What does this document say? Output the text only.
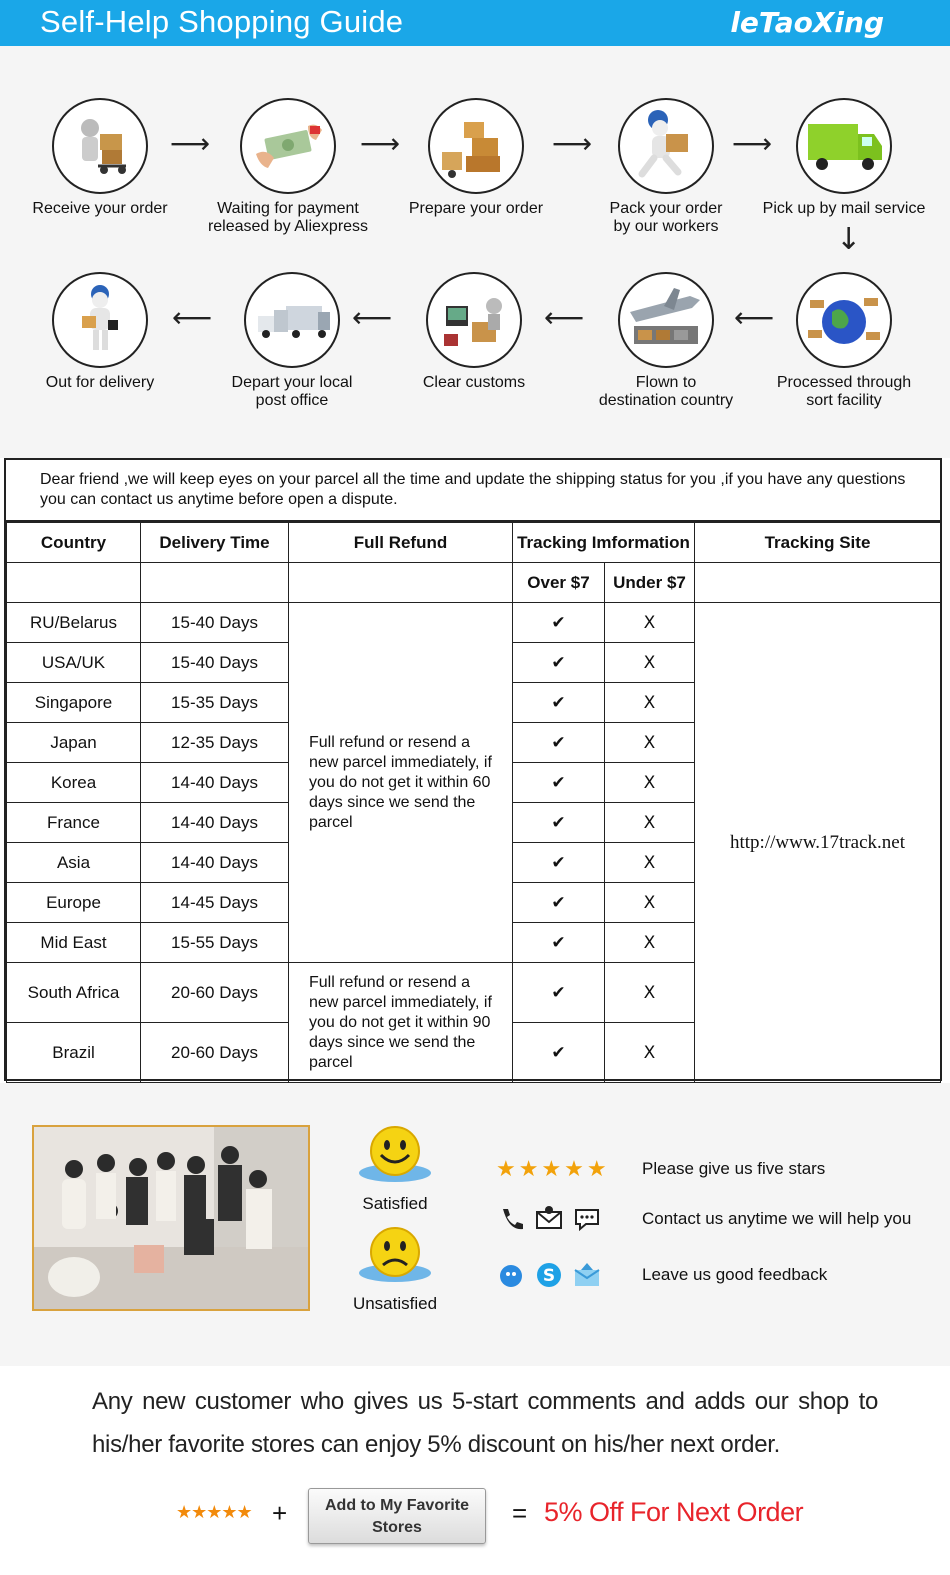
Self-Help Shopping Guide	leTaoXing
Receive your order
⟶
Waiting for payment
released by Aliexpress
⟶
Prepare your order
⟶
Pack your order
by our workers
⟶
Pick up by mail service
↓
Out for delivery
⟵
Depart your local
post office
⟵
Clear customs
⟵
Flown to
destination country
⟵
Processed through
sort facility
Dear friend ,we will keep eyes on your parcel all the time and update the shipping status for you ,if you have any questions you can contact us anytime before open a dispute.
Country	Delivery Time	Full Refund	Tracking Imformation		Tracking Site
			Over $7	Under $7	
RU/Belarus	15-40 Days	Full refund or resend a new parcel immediately, if you do not get it within 60 days since we send the parcel	✔	X	http://www.17track.net
USA/UK	15-40 Days		✔	X	
Singapore	15-35 Days		✔	X	
Japan	12-35 Days		✔	X	
Korea	14-40 Days		✔	X	
France	14-40 Days		✔	X	
Asia	14-40 Days		✔	X	
Europe	14-45 Days		✔	X	
Mid East	15-55 Days		✔	X	
South Africa	20-60 Days	Full refund or resend a new parcel immediately, if you do not get it within 90 days since we send the parcel	✔	X	
Brazil	20-60 Days		✔	X	
Satisfied
Unsatisfied
★★★★★ Please give us five stars
Contact us anytime we will help you
S	Leave us good feedback
Any new customer who gives us 5-start comments and adds our shop to his/her favorite stores can enjoy 5% discount on his/her next order.
★★★★★ +	Add to My Favorite Stores	= 5% Off For Next Order
